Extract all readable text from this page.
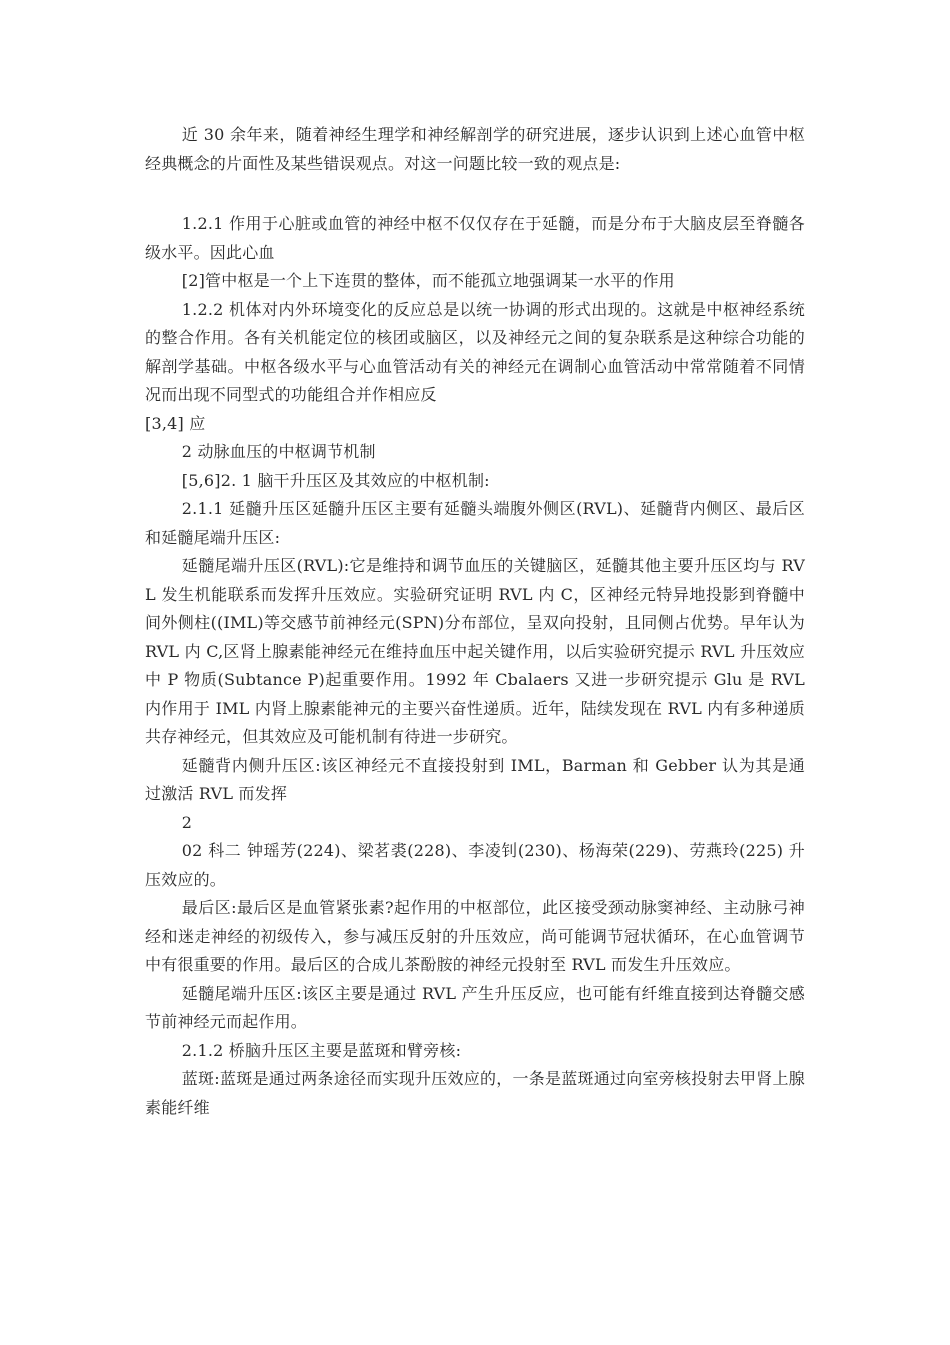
近 30 余年来，随着神经生理学和神经解剖学的研究进展，逐步认识到上述心血管中枢经典概念的片面性及某些错误观点。对这一问题比较一致的观点是:

1.2.1 作用于心脏或血管的神经中枢不仅仅存在于延髓，而是分布于大脑皮层至脊髓各级水平。因此心血

[2]管中枢是一个上下连贯的整体，而不能孤立地强调某一水平的作用

1.2.2 机体对内外环境变化的反应总是以统一协调的形式出现的。这就是中枢神经系统的整合作用。各有关机能定位的核团或脑区，以及神经元之间的复杂联系是这种综合功能的解剖学基础。中枢各级水平与心血管活动有关的神经元在调制心血管活动中常常随着不同情况而出现不同型式的功能组合并作相应反

[3,4] 应

2 动脉血压的中枢调节机制

[5,6]2. 1 脑干升压区及其效应的中枢机制:

2.1.1 延髓升压区延髓升压区主要有延髓头端腹外侧区(RVL)、延髓背内侧区、最后区和延髓尾端升压区:

延髓尾端升压区(RVL):它是维持和调节血压的关键脑区，延髓其他主要升压区均与 RVL 发生机能联系而发挥升压效应。实验研究证明 RVL 内 C，区神经元特异地投影到脊髓中间外侧柱((IML)等交感节前神经元(SPN)分布部位，呈双向投射，且同侧占优势。早年认为 RVL 内 C,区肾上腺素能神经元在维持血压中起关键作用，以后实验研究提示 RVL 升压效应中 P 物质(Subtance P)起重要作用。1992 年 Cbalaers 又进一步研究提示 Glu 是 RVL 内作用于 IML 内肾上腺素能神元的主要兴奋性递质。近年，陆续发现在 RVL 内有多种递质共存神经元，但其效应及可能机制有待进一步研究。

延髓背内侧升压区:该区神经元不直接投射到 IML，Barman 和 Gebber 认为其是通过激活 RVL 而发挥

2

02 科二 钟瑶芳(224)、梁茗裘(228)、李凌钊(230)、杨海荣(229)、劳燕玲(225) 升压效应的。

最后区:最后区是血管紧张素?起作用的中枢部位，此区接受颈动脉窦神经、主动脉弓神经和迷走神经的初级传入，参与减压反射的升压效应，尚可能调节冠状循环，在心血管调节中有很重要的作用。最后区的合成儿茶酚胺的神经元投射至 RVL 而发生升压效应。

延髓尾端升压区:该区主要是通过 RVL 产生升压反应，也可能有纤维直接到达脊髓交感节前神经元而起作用。

2.1.2 桥脑升压区主要是蓝斑和臂旁核:

蓝斑:蓝斑是通过两条途径而实现升压效应的，一条是蓝斑通过向室旁核投射去甲肾上腺素能纤维
